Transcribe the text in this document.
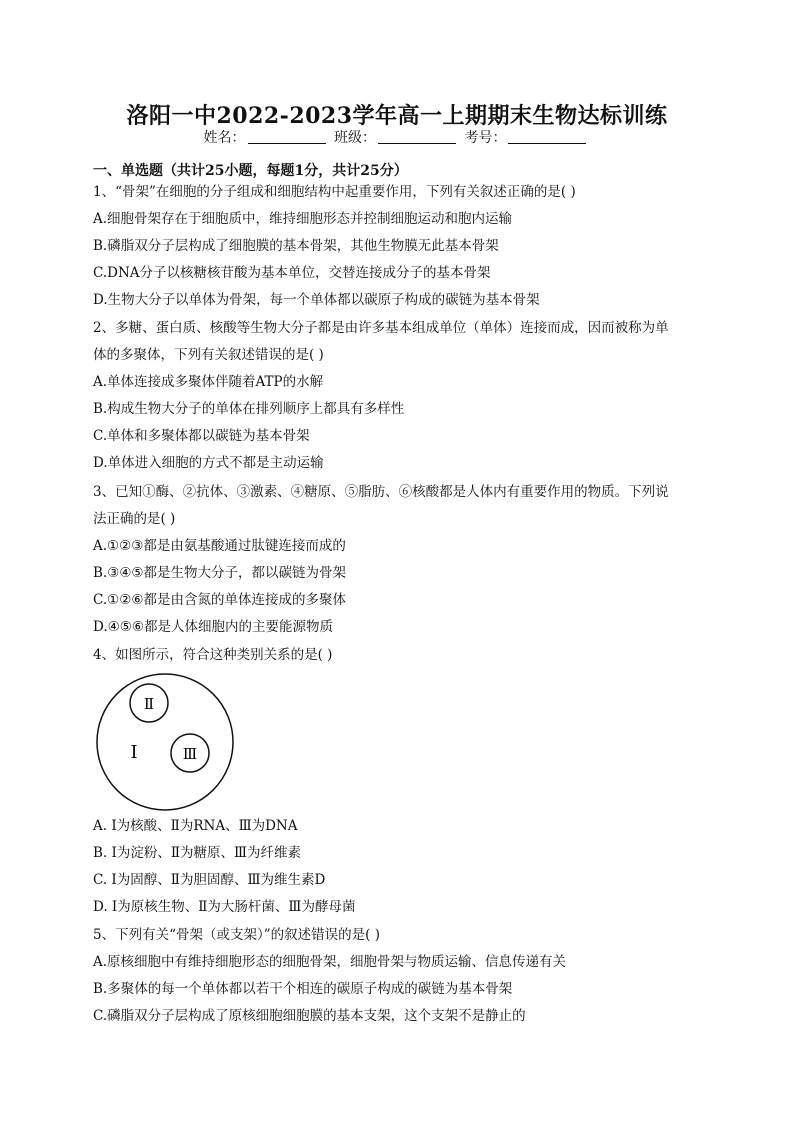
洛阳一中2022-2023学年高一上期期末生物达标训练
姓名：	班级：	考号：
一、单选题（共计25小题，每题1分，共计25分）
1、“骨架”在细胞的分子组成和细胞结构中起重要作用，下列有关叙述正确的是( )
A.细胞骨架存在于细胞质中，维持细胞形态并控制细胞运动和胞内运输
B.磷脂双分子层构成了细胞膜的基本骨架，其他生物膜无此基本骨架
C.DNA分子以核糖核苷酸为基本单位，交替连接成分子的基本骨架
D.生物大分子以单体为骨架，每一个单体都以碳原子构成的碳链为基本骨架
2、多糖、蛋白质、核酸等生物大分子都是由许多基本组成单位（单体）连接而成，因而被称为单
体的多聚体，下列有关叙述错误的是( )
A.单体连接成多聚体伴随着ATP的水解
B.构成生物大分子的单体在排列顺序上都具有多样性
C.单体和多聚体都以碳链为基本骨架
D.单体进入细胞的方式不都是主动运输
3、已知①酶、②抗体、③激素、④糖原、⑤脂肪、⑥核酸都是人体内有重要作用的物质。下列说
法正确的是( )
A.①②③都是由氨基酸通过肽键连接而成的
B.③④⑤都是生物大分子，都以碳链为骨架
C.①②⑥都是由含氮的单体连接成的多聚体
D.④⑤⑥都是人体细胞内的主要能源物质
4、如图所示，符合这种类别关系的是( )
Ⅱ
Ⅲ
Ⅰ
A. Ⅰ为核酸、Ⅱ为RNA、Ⅲ为DNA
B. Ⅰ为淀粉、Ⅱ为糖原、Ⅲ为纤维素
C. Ⅰ为固醇、Ⅱ为胆固醇、Ⅲ为维生素D
D. Ⅰ为原核生物、Ⅱ为大肠杆菌、Ⅲ为酵母菌
5、下列有关“骨架（或支架）”的叙述错误的是( )
A.原核细胞中有维持细胞形态的细胞骨架，细胞骨架与物质运输、信息传递有关
B.多聚体的每一个单体都以若干个相连的碳原子构成的碳链为基本骨架
C.磷脂双分子层构成了原核细胞细胞膜的基本支架，这个支架不是静止的
